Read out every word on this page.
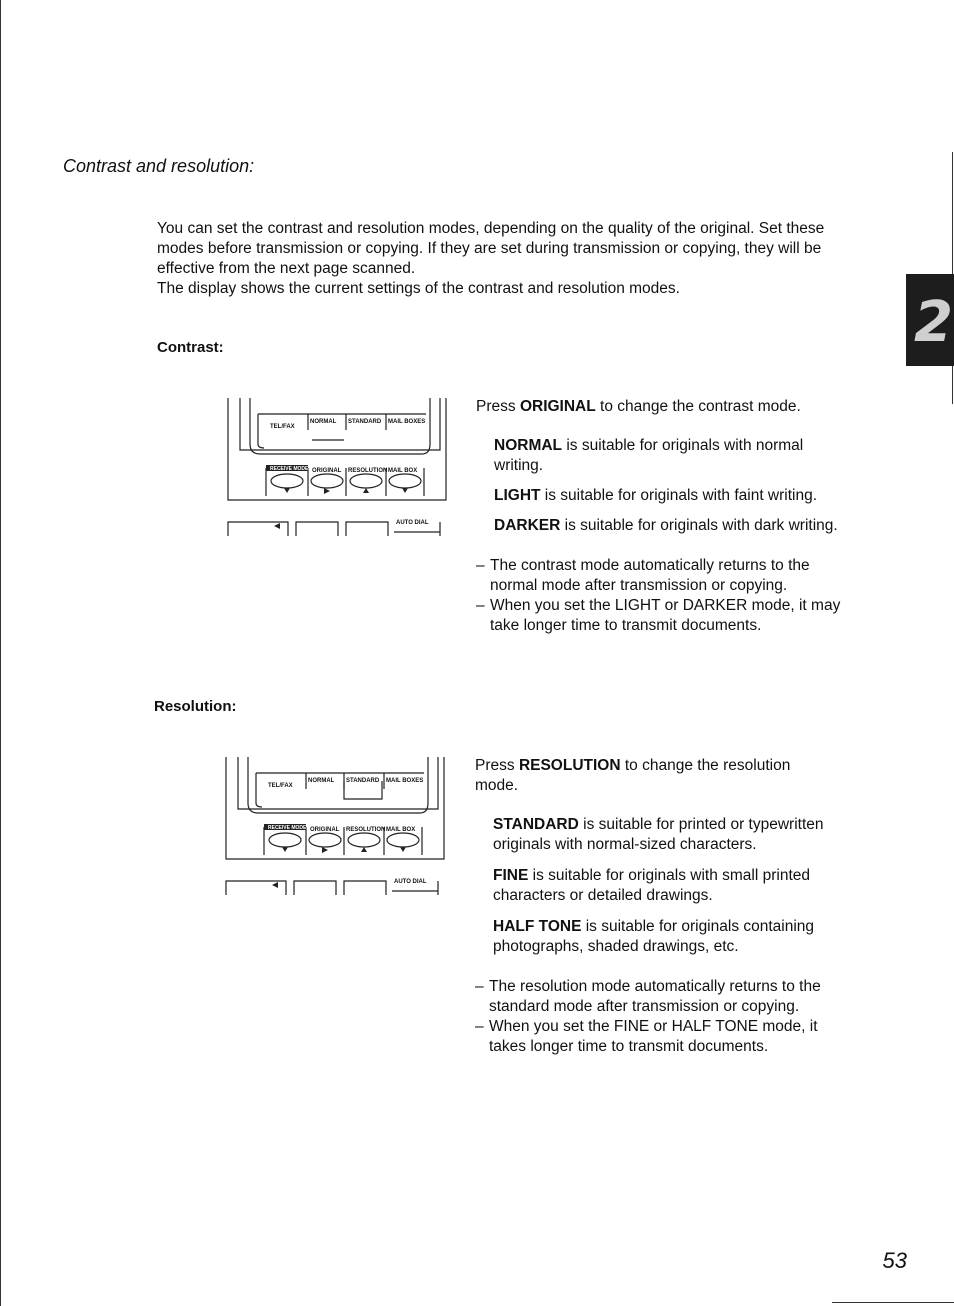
2
Contrast and resolution:

You can set the contrast and resolution modes, depending on the quality of the original. Set these modes before transmission or copying. If they are set during transmission or copying, they will be effective from the next page scanned.

The display shows the current settings of the contrast and resolution modes.

Contrast:
TEL/FAX
NORMAL STANDARD MAIL BOXES
RECEIVE MODE ORIGINAL RESOLUTION MAIL BOX
AUTO DIAL

Press ORIGINAL to change the contrast mode.

NORMAL is suitable for originals with normal writing.

LIGHT is suitable for originals with faint writing.

DARKER is suitable for originals with dark writing.

– The contrast mode automatically returns to the normal mode after transmission or copying.

– When you set the LIGHT or DARKER mode, it may take longer time to transmit documents.

Resolution:
TEL/FAX
NORMAL STANDARD MAIL BOXES
RECEIVE MODE ORIGINAL RESOLUTION MAIL BOX
AUTO DIAL

Press RESOLUTION to change the resolution mode.

STANDARD is suitable for printed or typewritten originals with normal-sized characters.

FINE is suitable for originals with small printed characters or detailed drawings.

HALF TONE is suitable for originals containing photographs, shaded drawings, etc.

– The resolution mode automatically returns to the standard mode after transmission or copying.

– When you set the FINE or HALF TONE mode, it takes longer time to transmit documents.

53
